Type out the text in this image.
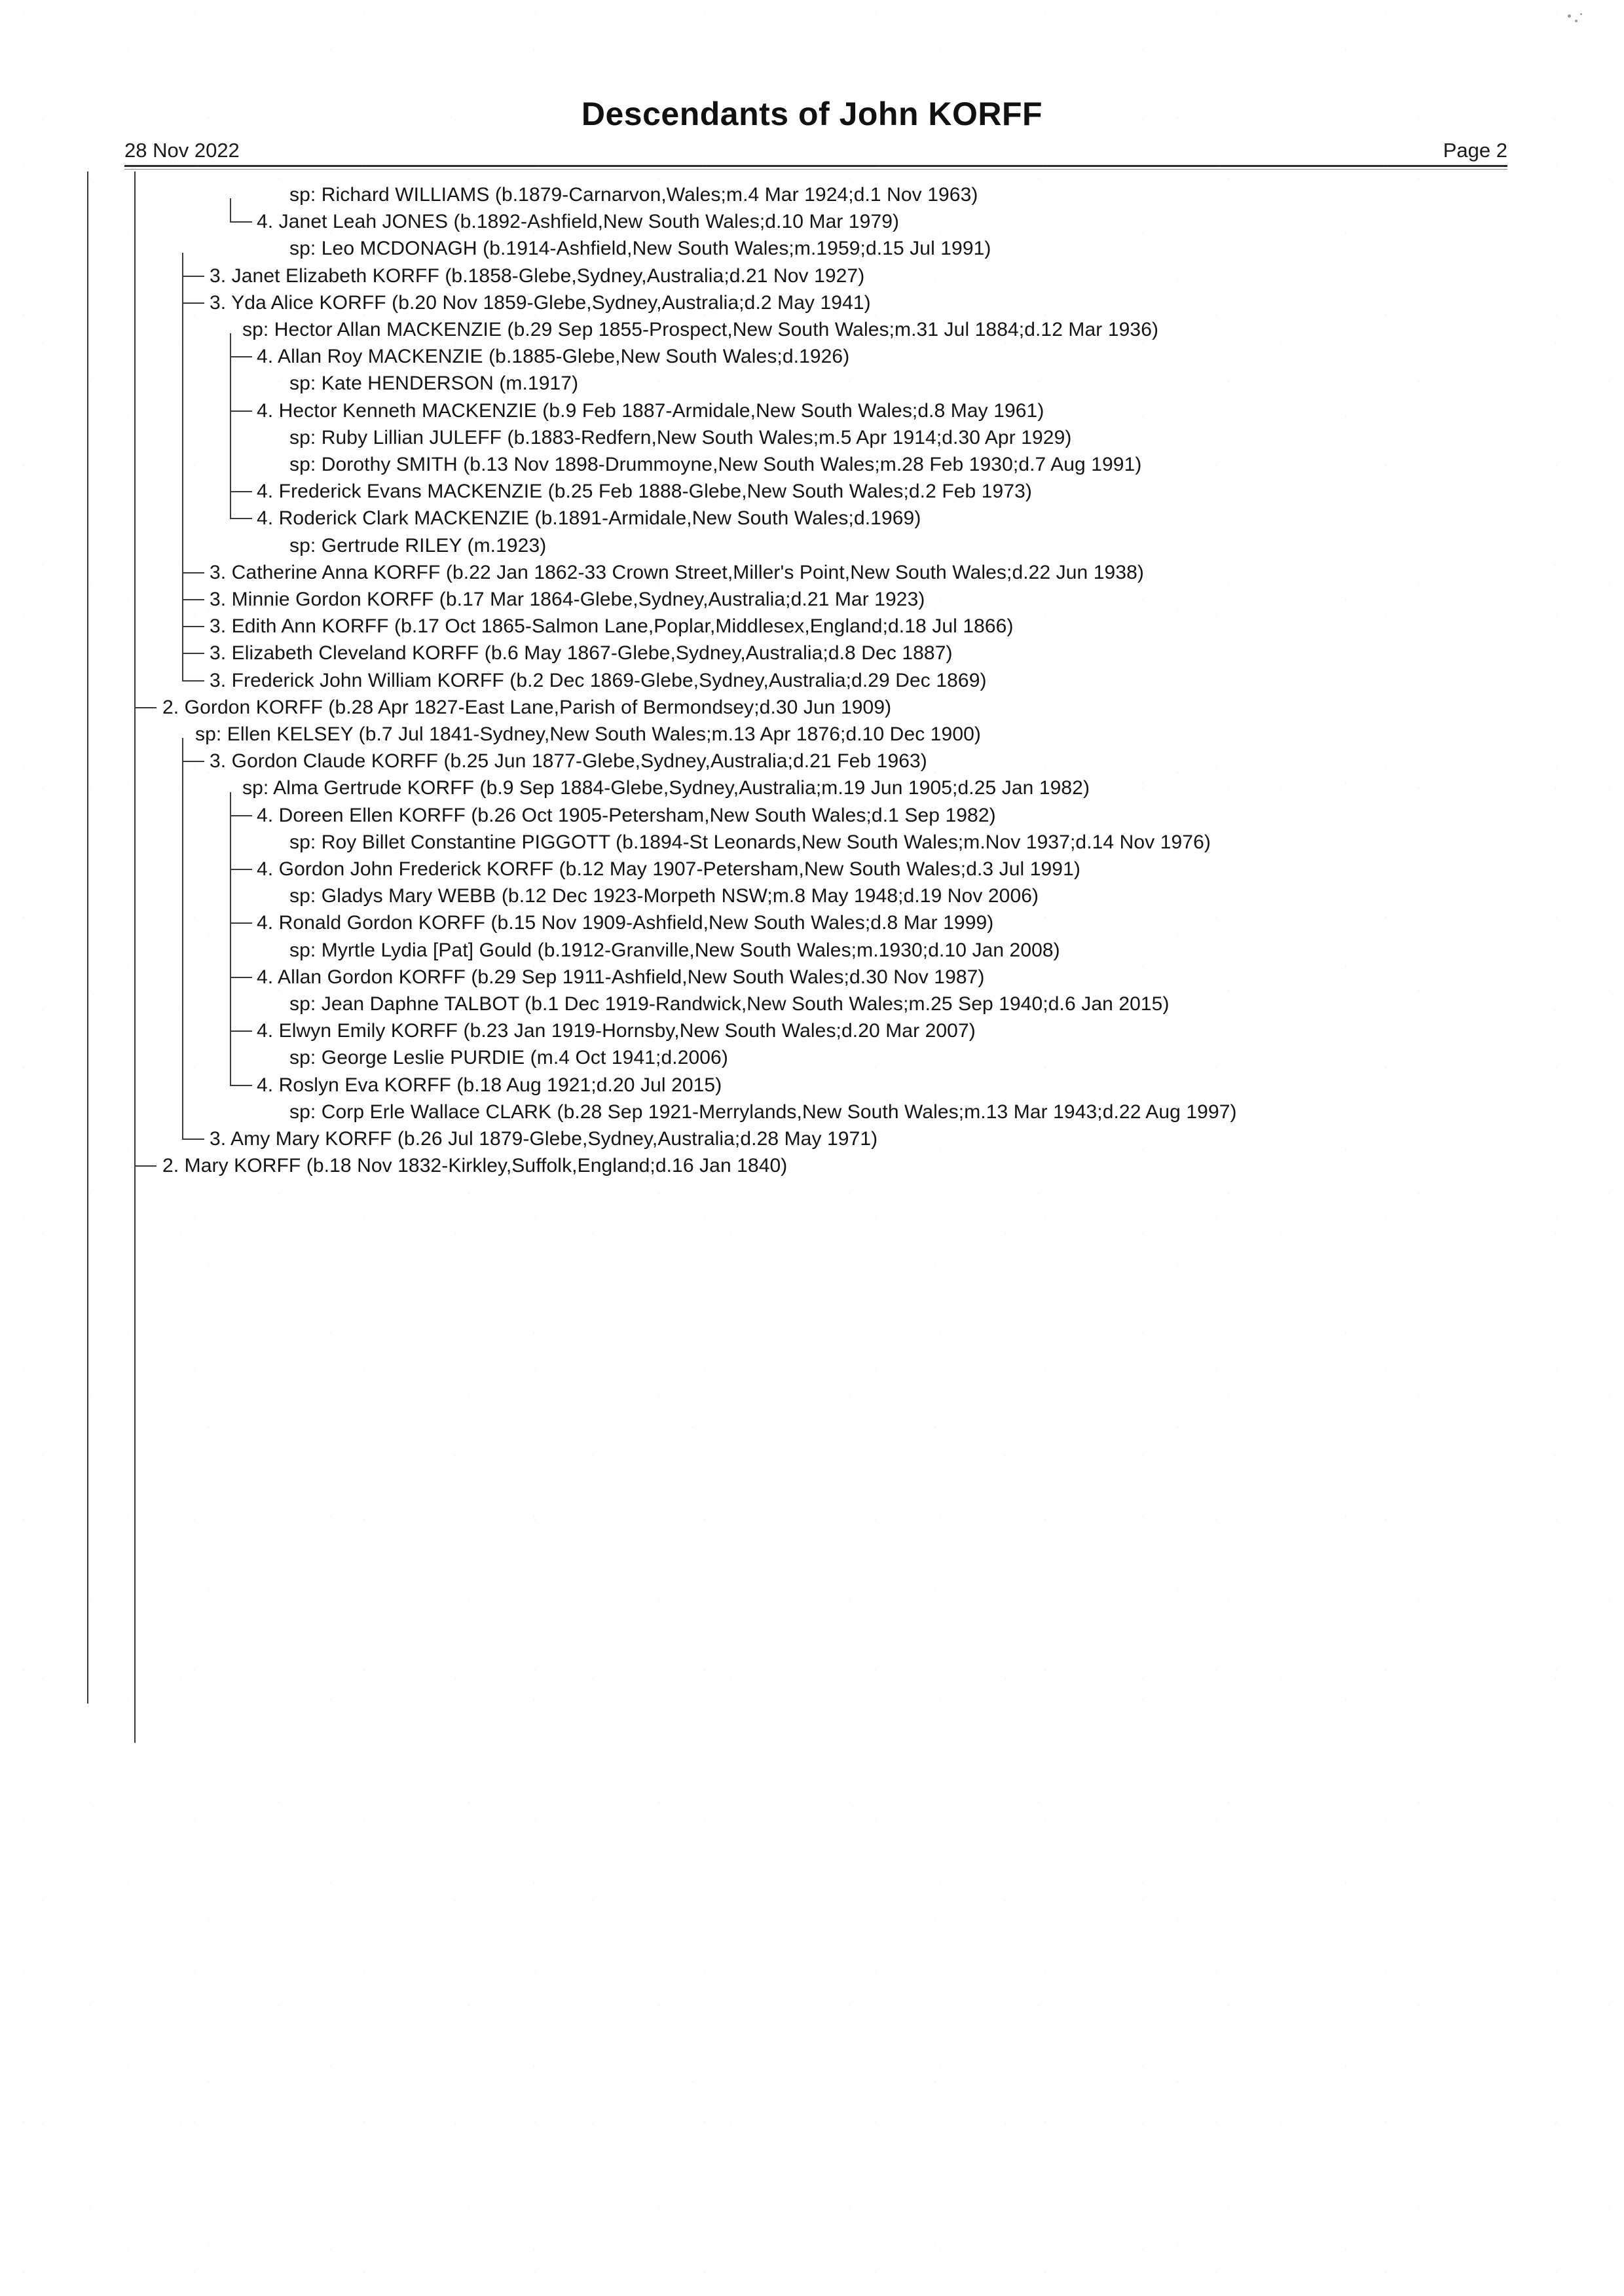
Descendants of John KORFF
28 Nov 2022	Page 2
sp: Richard WILLIAMS (b.1879-Carnarvon,Wales;m.4 Mar 1924;d.1 Nov 1963)
4. Janet Leah JONES (b.1892-Ashfield,New South Wales;d.10 Mar 1979)
sp: Leo MCDONAGH (b.1914-Ashfield,New South Wales;m.1959;d.15 Jul 1991)
3. Janet Elizabeth KORFF (b.1858-Glebe,Sydney,Australia;d.21 Nov 1927)
3. Yda Alice KORFF (b.20 Nov 1859-Glebe,Sydney,Australia;d.2 May 1941)
sp: Hector Allan MACKENZIE (b.29 Sep 1855-Prospect,New South Wales;m.31 Jul 1884;d.12 Mar 1936)
4. Allan Roy MACKENZIE (b.1885-Glebe,New South Wales;d.1926)
sp: Kate HENDERSON (m.1917)
4. Hector Kenneth MACKENZIE (b.9 Feb 1887-Armidale,New South Wales;d.8 May 1961)
sp: Ruby Lillian JULEFF (b.1883-Redfern,New South Wales;m.5 Apr 1914;d.30 Apr 1929)
sp: Dorothy SMITH (b.13 Nov 1898-Drummoyne,New South Wales;m.28 Feb 1930;d.7 Aug 1991)
4. Frederick Evans MACKENZIE (b.25 Feb 1888-Glebe,New South Wales;d.2 Feb 1973)
4. Roderick Clark MACKENZIE (b.1891-Armidale,New South Wales;d.1969)
sp: Gertrude RILEY (m.1923)
3. Catherine Anna KORFF (b.22 Jan 1862-33 Crown Street,Miller's Point,New South Wales;d.22 Jun 1938)
3. Minnie Gordon KORFF (b.17 Mar 1864-Glebe,Sydney,Australia;d.21 Mar 1923)
3. Edith Ann KORFF (b.17 Oct 1865-Salmon Lane,Poplar,Middlesex,England;d.18 Jul 1866)
3. Elizabeth Cleveland KORFF (b.6 May 1867-Glebe,Sydney,Australia;d.8 Dec 1887)
3. Frederick John William KORFF (b.2 Dec 1869-Glebe,Sydney,Australia;d.29 Dec 1869)
2. Gordon KORFF (b.28 Apr 1827-East Lane,Parish of Bermondsey;d.30 Jun 1909)
sp: Ellen KELSEY (b.7 Jul 1841-Sydney,New South Wales;m.13 Apr 1876;d.10 Dec 1900)
3. Gordon Claude KORFF (b.25 Jun 1877-Glebe,Sydney,Australia;d.21 Feb 1963)
sp: Alma Gertrude KORFF (b.9 Sep 1884-Glebe,Sydney,Australia;m.19 Jun 1905;d.25 Jan 1982)
4. Doreen Ellen KORFF (b.26 Oct 1905-Petersham,New South Wales;d.1 Sep 1982)
sp: Roy Billet Constantine PIGGOTT (b.1894-St Leonards,New South Wales;m.Nov 1937;d.14 Nov 1976)
4. Gordon John Frederick KORFF (b.12 May 1907-Petersham,New South Wales;d.3 Jul 1991)
sp: Gladys Mary WEBB (b.12 Dec 1923-Morpeth NSW;m.8 May 1948;d.19 Nov 2006)
4. Ronald Gordon KORFF (b.15 Nov 1909-Ashfield,New South Wales;d.8 Mar 1999)
sp: Myrtle Lydia [Pat] Gould (b.1912-Granville,New South Wales;m.1930;d.10 Jan 2008)
4. Allan Gordon KORFF (b.29 Sep 1911-Ashfield,New South Wales;d.30 Nov 1987)
sp: Jean Daphne TALBOT (b.1 Dec 1919-Randwick,New South Wales;m.25 Sep 1940;d.6 Jan 2015)
4. Elwyn Emily KORFF (b.23 Jan 1919-Hornsby,New South Wales;d.20 Mar 2007)
sp: George Leslie PURDIE (m.4 Oct 1941;d.2006)
4. Roslyn Eva KORFF (b.18 Aug 1921;d.20 Jul 2015)
sp: Corp Erle Wallace CLARK (b.28 Sep 1921-Merrylands,New South Wales;m.13 Mar 1943;d.22 Aug 1997)
3. Amy Mary KORFF (b.26 Jul 1879-Glebe,Sydney,Australia;d.28 May 1971)
2. Mary KORFF (b.18 Nov 1832-Kirkley,Suffolk,England;d.16 Jan 1840)
